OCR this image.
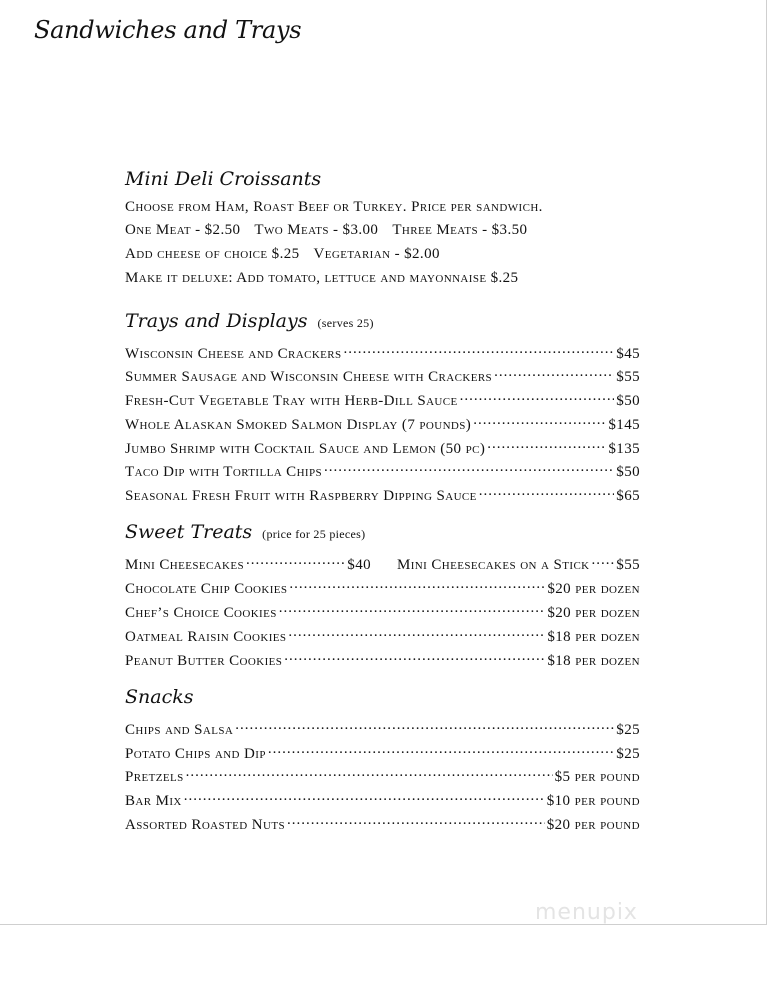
Sandwiches and Trays
Mini Deli Croissants
Choose from Ham, Roast Beef or Turkey. Price per sandwich.
One Meat - $2.50 Two Meats - $3.00 Three Meats - $3.50
Add cheese of choice $.25 Vegetarian - $2.00
Make it deluxe: Add tomato, lettuce and mayonnaise $.25
Trays and Displays (serves 25)
Wisconsin Cheese and Crackers .....	$45
Summer Sausage and Wisconsin Cheese with Crackers .....	$55
Fresh-Cut Vegetable Tray with Herb-Dill Sauce .....	$50
Whole Alaskan Smoked Salmon Display (7 pounds) .....	$145
Jumbo Shrimp with Cocktail Sauce and Lemon (50 pc) .....	$135
Taco Dip with Tortilla Chips .....	$50
Seasonal Fresh Fruit with Raspberry Dipping Sauce .....	$65
Sweet Treats (price for 25 pieces)
Mini Cheesecakes .....	$40 Mini Cheesecakes on a Stick ..... $55
Chocolate Chip Cookies .....	$20 per dozen
Chef’s Choice Cookies .....	$20 per dozen
Oatmeal Raisin Cookies .....	$18 per dozen
Peanut Butter Cookies .....	$18 per dozen
Snacks
Chips and Salsa .....	$25
Potato Chips and Dip .....	$25
Pretzels .....	$5 per pound
Bar Mix .....	$10 per pound
Assorted Roasted Nuts .....	$20 per pound
menupix
